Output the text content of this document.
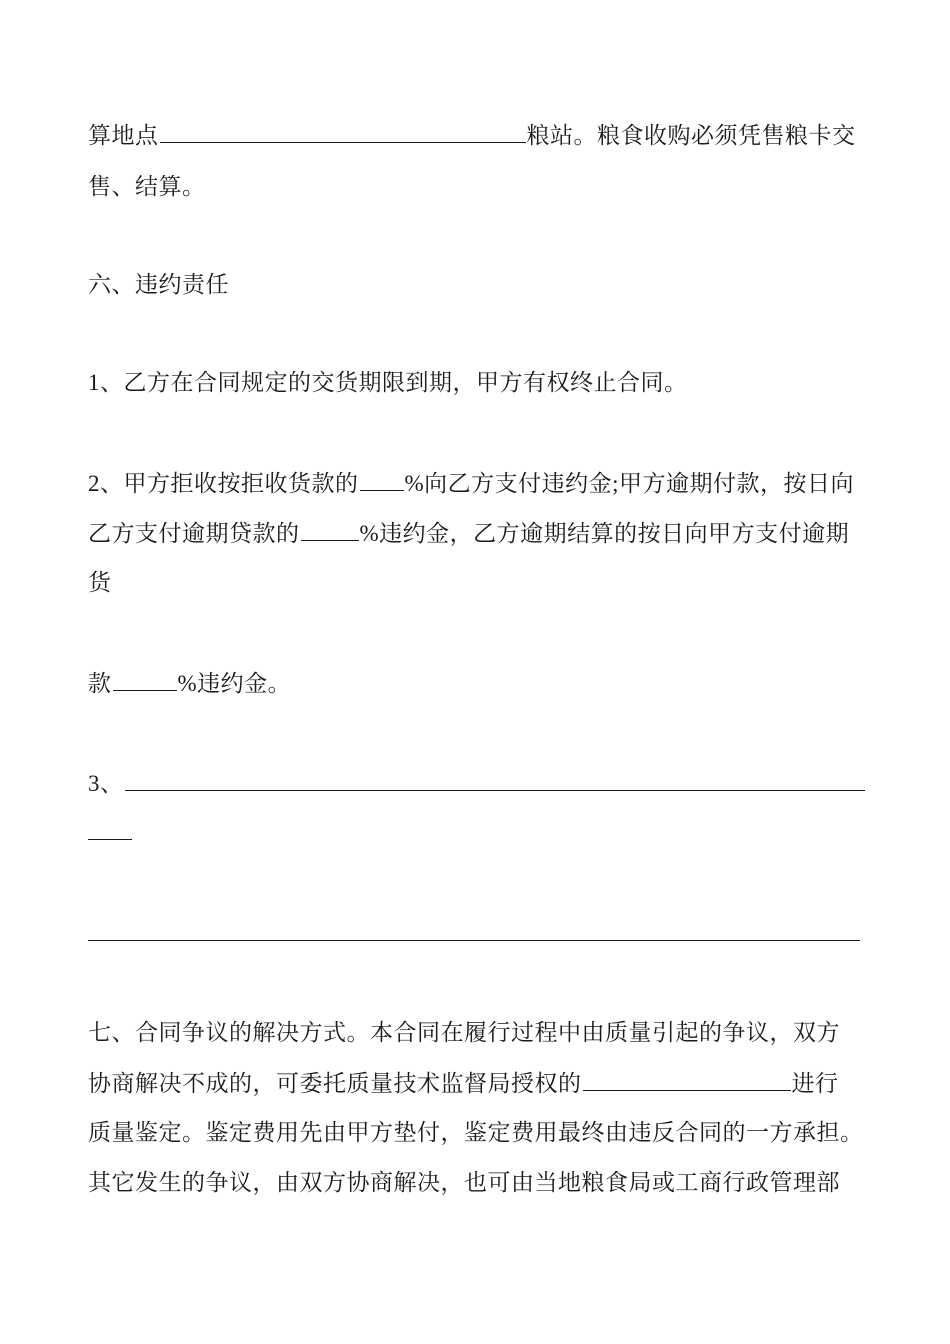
算地点	粮站。粮食收购必须凭售粮卡交
售、结算。
六、违约责任
1、乙方在合同规定的交货期限到期，甲方有权终止合同。
2、甲方拒收按拒收货款的 %向乙方支付违约金;甲方逾期付款，按日向
乙方支付逾期贷款的	%违约金，乙方逾期结算的按日向甲方支付逾期
货
款	%违约金。
3、
七、合同争议的解决方式。本合同在履行过程中由质量引起的争议，双方
协商解决不成的，可委托质量技术监督局授权的	进行
质量鉴定。鉴定费用先由甲方垫付，鉴定费用最终由违反合同的一方承担。
其它发生的争议，由双方协商解决，也可由当地粮食局或工商行政管理部
